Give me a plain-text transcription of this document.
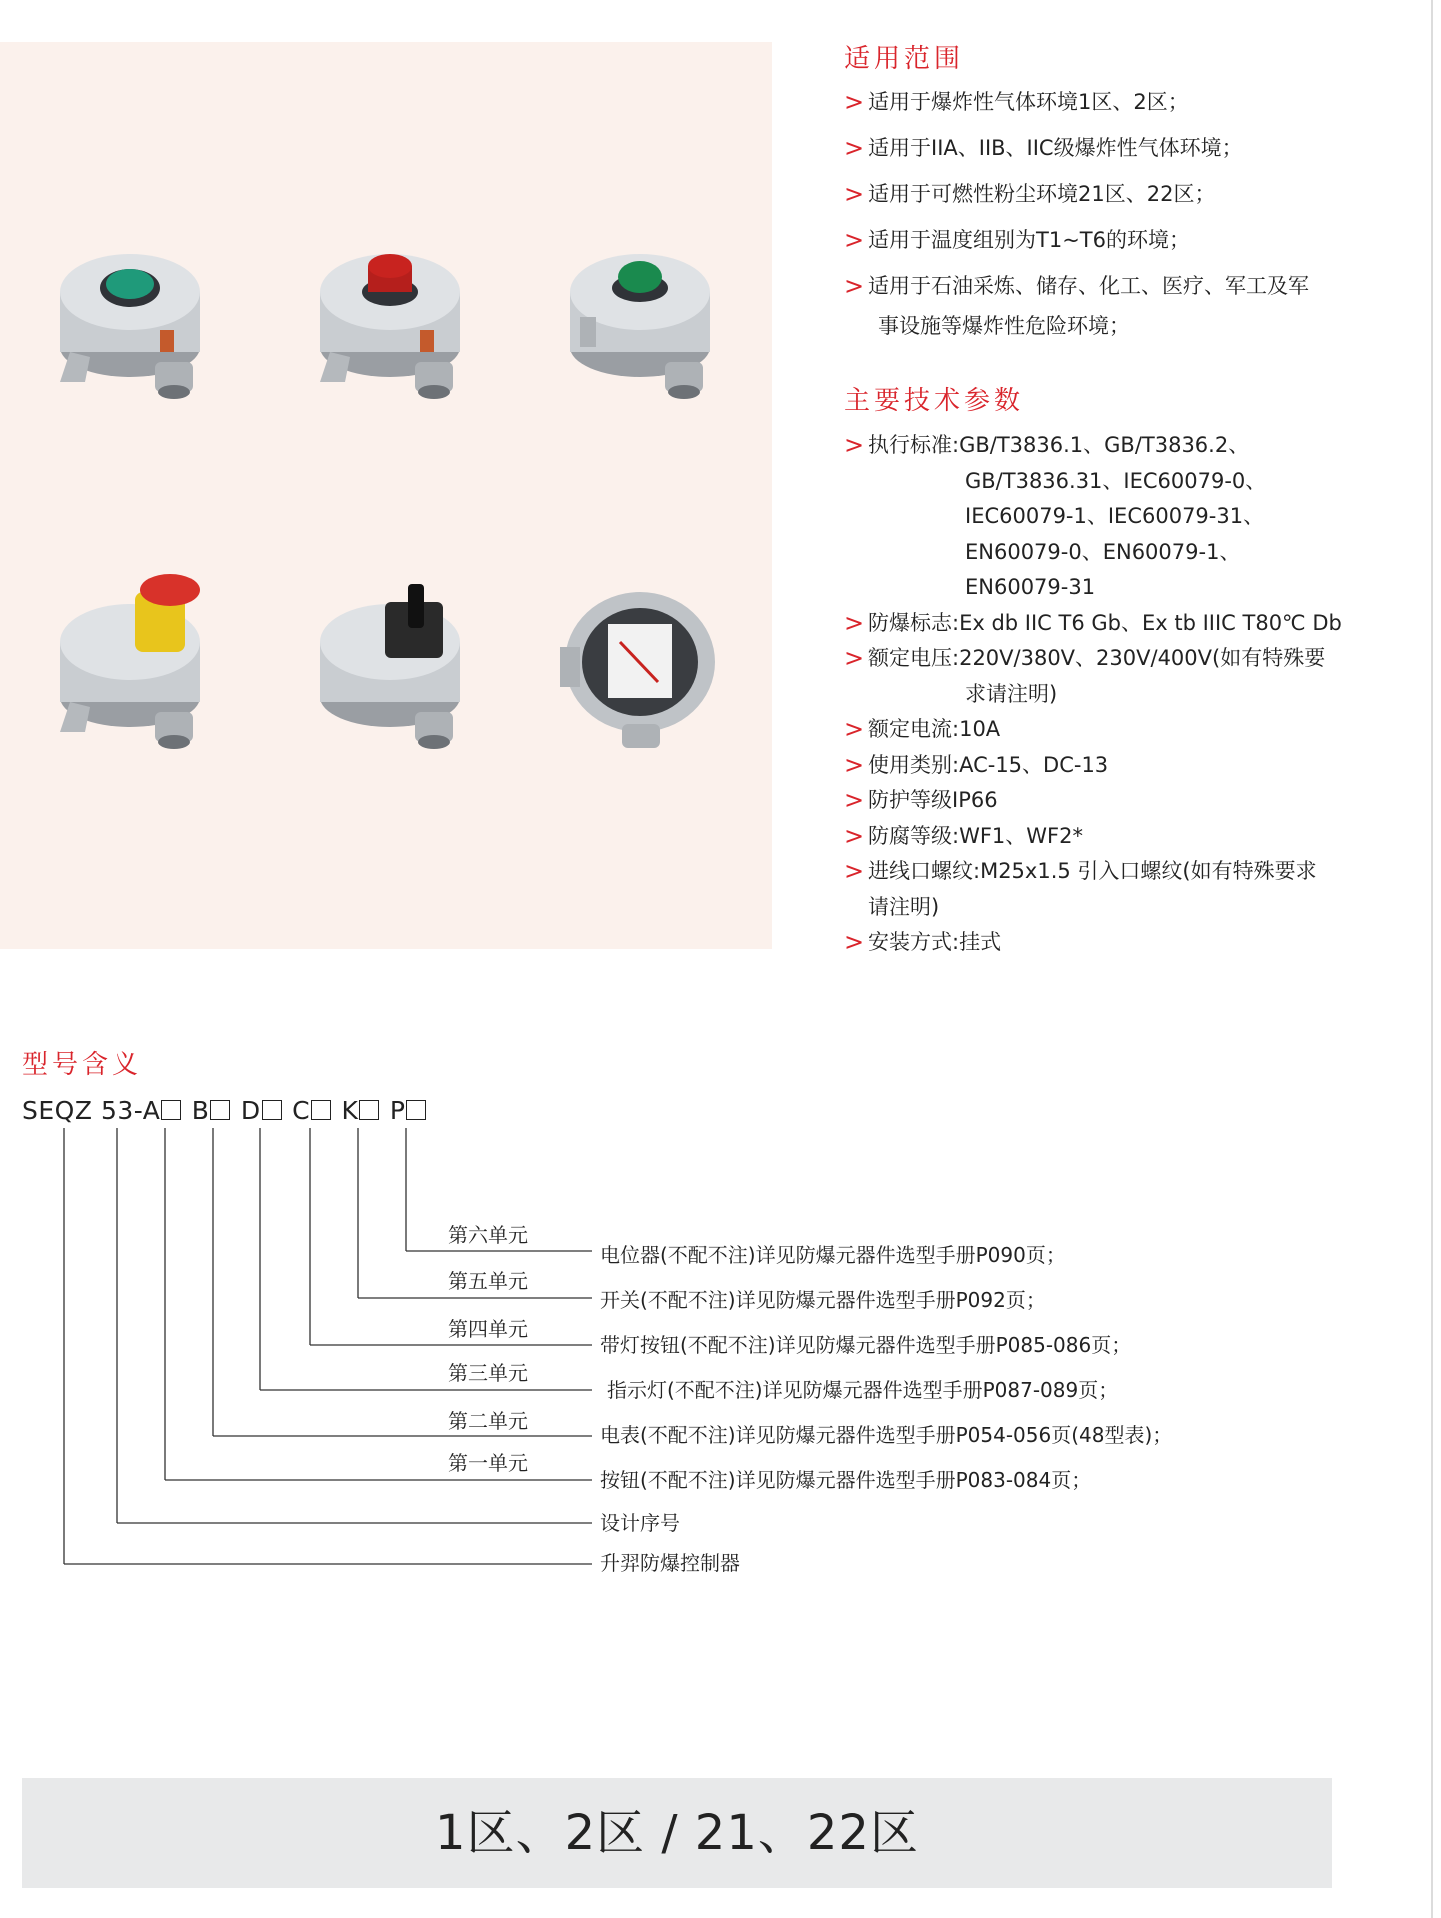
适用范围
> 适用于爆炸性气体环境1区、2区；
> 适用于IIA、IIB、IIC级爆炸性气体环境；
> 适用于可燃性粉尘环境21区、22区；
> 适用于温度组别为T1~T6的环境；
> 适用于石油采炼、储存、化工、医疗、军工及军
事设施等爆炸性危险环境；
主要技术参数
> 执行标准:GB/T3836.1、GB/T3836.2、
GB/T3836.31、IEC60079-0、
IEC60079-1、IEC60079-31、
EN60079-0、EN60079-1、
EN60079-31
> 防爆标志:Ex db IIC T6 Gb、Ex tb IIIC T80℃ Db
> 额定电压:220V/380V、230V/400V(如有特殊要
求请注明)
> 额定电流:10A
> 使用类别:AC-15、DC-13
> 防护等级IP66
> 防腐等级:WF1、WF2*
> 进线口螺纹:M25x1.5 引入口螺纹(如有特殊要求
请注明)
> 安装方式:挂式
型号含义
SEQZ 53-A B D C K P
第六单元
第五单元
第四单元
第三单元
第二单元
第一单元
电位器(不配不注)详见防爆元器件选型手册P090页；
开关(不配不注)详见防爆元器件选型手册P092页；
带灯按钮(不配不注)详见防爆元器件选型手册P085-086页；
指示灯(不配不注)详见防爆元器件选型手册P087-089页；
电表(不配不注)详见防爆元器件选型手册P054-056页(48型表)；
按钮(不配不注)详见防爆元器件选型手册P083-084页；
设计序号
升羿防爆控制器
1区、2区 / 21、22区
